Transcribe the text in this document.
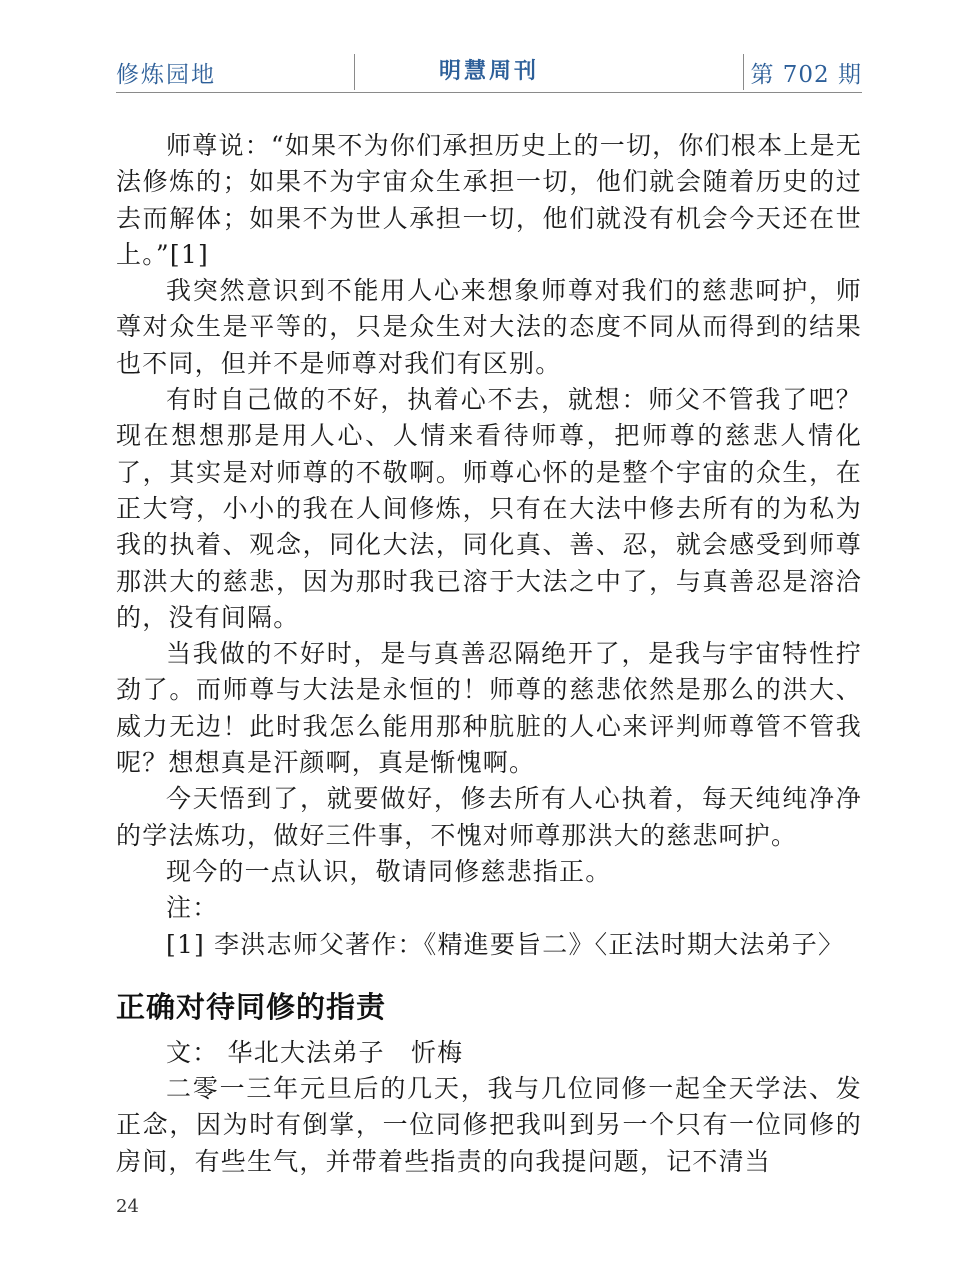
修炼园地	明慧周刊	第 702 期

师尊说：“如果不为你们承担历史上的一切，你们根本上是无法修炼的；如果不为宇宙众生承担一切，他们就会随着历史的过去而解体；如果不为世人承担一切，他们就没有机会今天还在世上。”[1]

我突然意识到不能用人心来想象师尊对我们的慈悲呵护，师尊对众生是平等的，只是众生对大法的态度不同从而得到的结果也不同，但并不是师尊对我们有区别。

有时自己做的不好，执着心不去，就想：师父不管我了吧？现在想想那是用人心、人情来看待师尊，把师尊的慈悲人情化了，其实是对师尊的不敬啊。师尊心怀的是整个宇宙的众生，在正大穹，小小的我在人间修炼，只有在大法中修去所有的为私为我的执着、观念，同化大法，同化真、善、忍，就会感受到师尊那洪大的慈悲，因为那时我已溶于大法之中了，与真善忍是溶洽的，没有间隔。

当我做的不好时，是与真善忍隔绝开了，是我与宇宙特性拧劲了。而师尊与大法是永恒的！师尊的慈悲依然是那么的洪大、威力无边！此时我怎么能用那种肮脏的人心来评判师尊管不管我呢？想想真是汗颜啊，真是惭愧啊。

今天悟到了，就要做好，修去所有人心执着，每天纯纯净净的学法炼功，做好三件事，不愧对师尊那洪大的慈悲呵护。

现今的一点认识，敬请同修慈悲指正。

注：

[1] 李洪志师父著作：《精進要旨二》〈正法时期大法弟子〉

正确对待同修的指责

文： 华北大法弟子　忻梅

二零一三年元旦后的几天，我与几位同修一起全天学法、发正念，因为时有倒掌，一位同修把我叫到另一个只有一位同修的房间，有些生气，并带着些指责的向我提问题，记不清当

24
